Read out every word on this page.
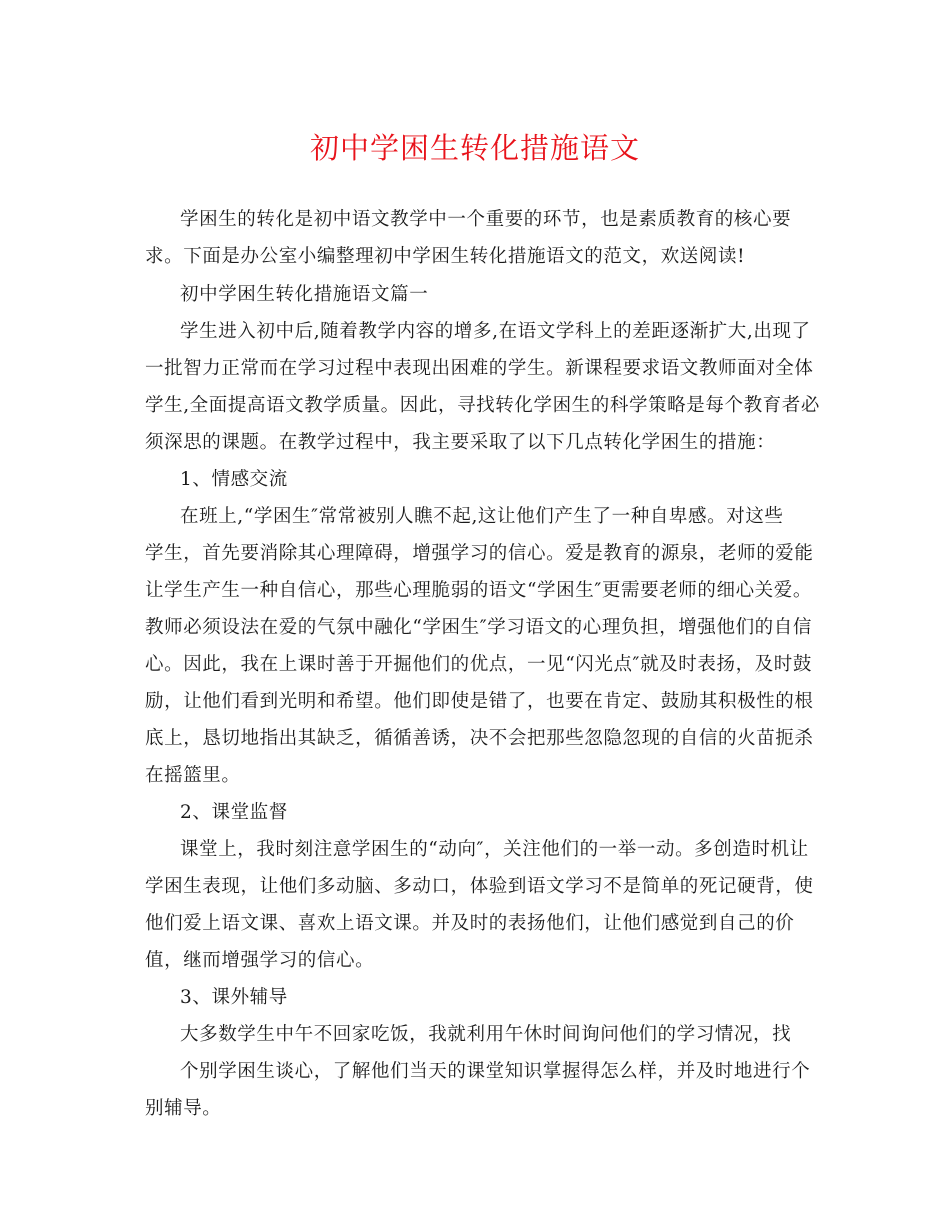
初中学困生转化措施语文

学困生的转化是初中语文教学中一个重要的环节，也是素质教育的核心要

求。下面是办公室小编整理初中学困生转化措施语文的范文，欢送阅读!

初中学困生转化措施语文篇一

学生进入初中后,随着教学内容的增多,在语文学科上的差距逐渐扩大,出现了

一批智力正常而在学习过程中表现出困难的学生。新课程要求语文教师面对全体

学生,全面提高语文教学质量。因此，寻找转化学困生的科学策略是每个教育者必

须深思的课题。在教学过程中，我主要采取了以下几点转化学困生的措施：

1、情感交流

在班上,“学困生″常常被别人瞧不起,这让他们产生了一种自卑感。对这些

学生，首先要消除其心理障碍，增强学习的信心。爱是教育的源泉，老师的爱能

让学生产生一种自信心，那些心理脆弱的语文“学困生″更需要老师的细心关爱。

教师必须设法在爱的气氛中融化“学困生″学习语文的心理负担，增强他们的自信

心。因此，我在上课时善于开掘他们的优点，一见“闪光点″就及时表扬，及时鼓

励，让他们看到光明和希望。他们即使是错了，也要在肯定、鼓励其积极性的根

底上，恳切地指出其缺乏，循循善诱，决不会把那些忽隐忽现的自信的火苗扼杀

在摇篮里。

2、课堂监督

课堂上，我时刻注意学困生的“动向″，关注他们的一举一动。多创造时机让

学困生表现，让他们多动脑、多动口，体验到语文学习不是简单的死记硬背，使

他们爱上语文课、喜欢上语文课。并及时的表扬他们，让他们感觉到自己的价

值，继而增强学习的信心。

3、课外辅导

大多数学生中午不回家吃饭，我就利用午休时间询问他们的学习情况，找

个别学困生谈心，了解他们当天的课堂知识掌握得怎么样，并及时地进行个

别辅导。
